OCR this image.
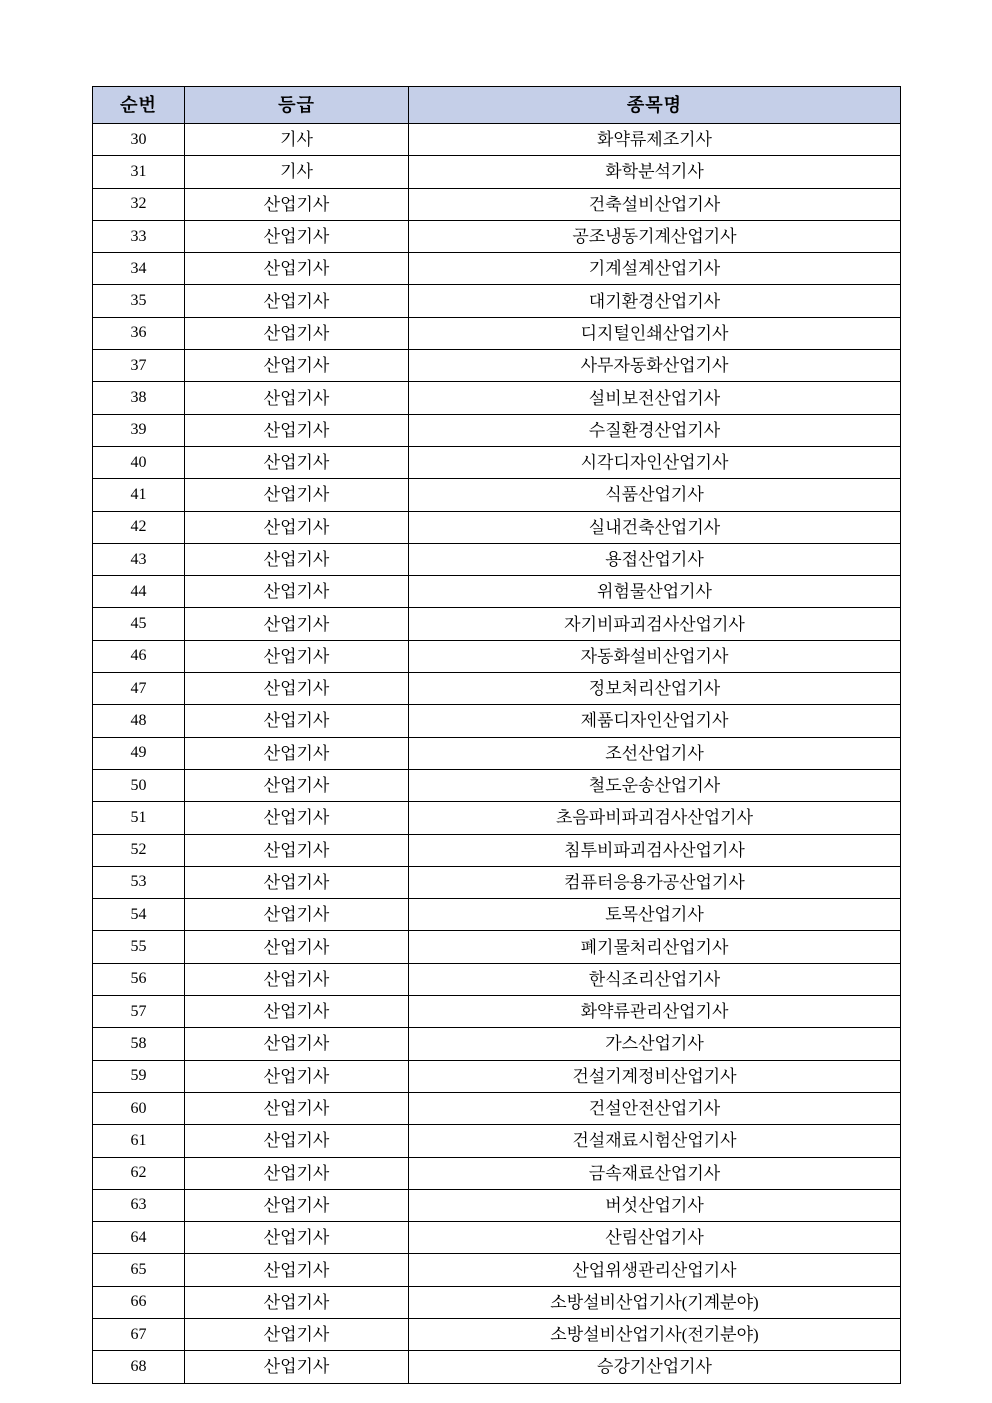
순번	등급	종목명
30	기사	화약류제조기사
31	기사	화학분석기사
32	산업기사	건축설비산업기사
33	산업기사	공조냉동기계산업기사
34	산업기사	기계설계산업기사
35	산업기사	대기환경산업기사
36	산업기사	디지털인쇄산업기사
37	산업기사	사무자동화산업기사
38	산업기사	설비보전산업기사
39	산업기사	수질환경산업기사
40	산업기사	시각디자인산업기사
41	산업기사	식품산업기사
42	산업기사	실내건축산업기사
43	산업기사	용접산업기사
44	산업기사	위험물산업기사
45	산업기사	자기비파괴검사산업기사
46	산업기사	자동화설비산업기사
47	산업기사	정보처리산업기사
48	산업기사	제품디자인산업기사
49	산업기사	조선산업기사
50	산업기사	철도운송산업기사
51	산업기사	초음파비파괴검사산업기사
52	산업기사	침투비파괴검사산업기사
53	산업기사	컴퓨터응용가공산업기사
54	산업기사	토목산업기사
55	산업기사	폐기물처리산업기사
56	산업기사	한식조리산업기사
57	산업기사	화약류관리산업기사
58	산업기사	가스산업기사
59	산업기사	건설기계정비산업기사
60	산업기사	건설안전산업기사
61	산업기사	건설재료시험산업기사
62	산업기사	금속재료산업기사
63	산업기사	버섯산업기사
64	산업기사	산림산업기사
65	산업기사	산업위생관리산업기사
66	산업기사	소방설비산업기사(기계분야)
67	산업기사	소방설비산업기사(전기분야)
68	산업기사	승강기산업기사
